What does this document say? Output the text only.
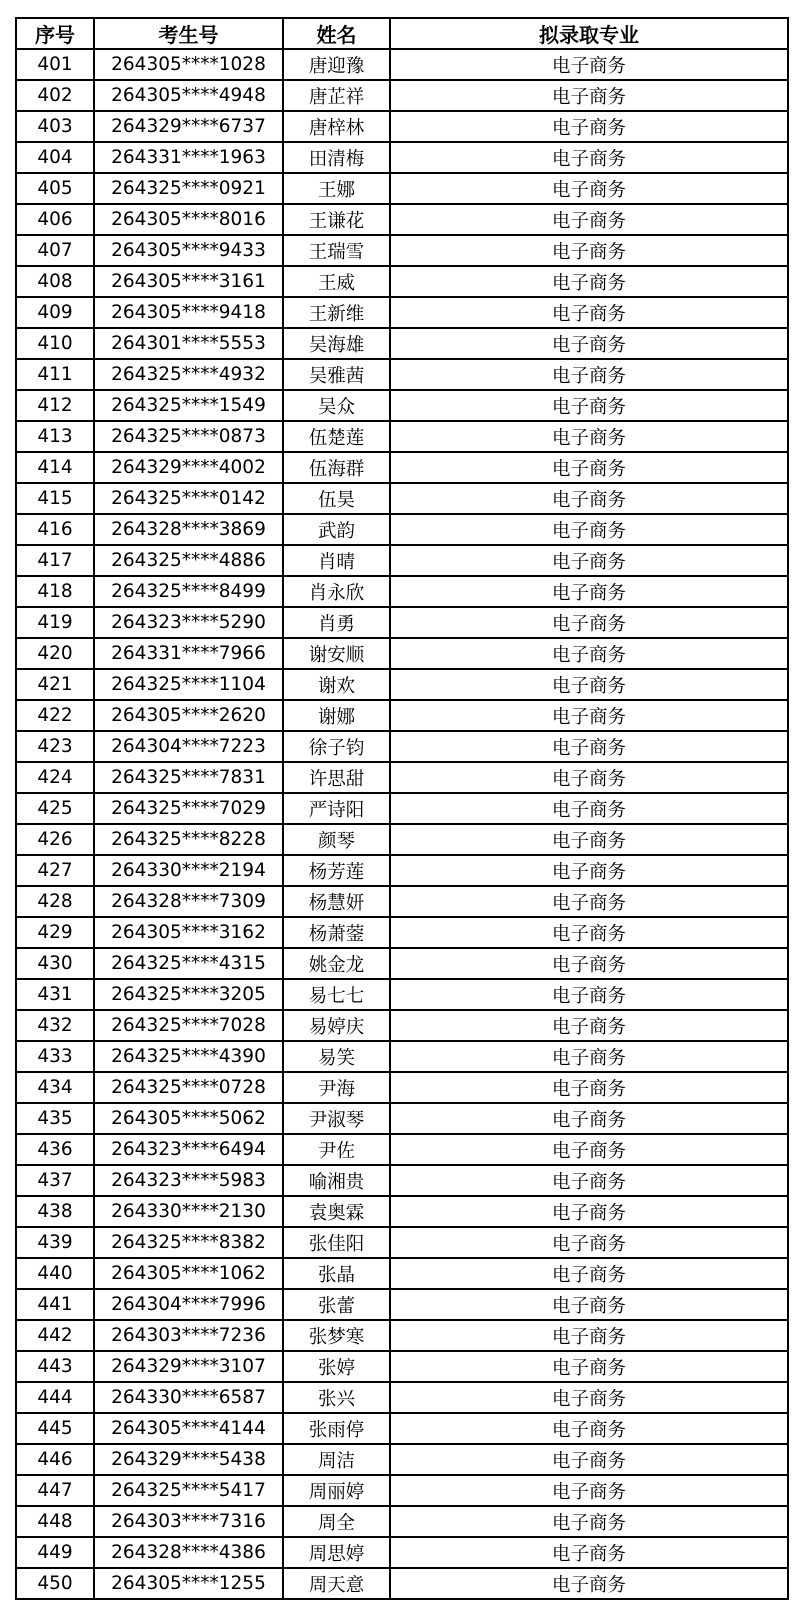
序号	考生号	姓名	拟录取专业
401	264305****1028	唐迎豫	电子商务
402	264305****4948	唐芷祥	电子商务
403	264329****6737	唐梓林	电子商务
404	264331****1963	田清梅	电子商务
405	264325****0921	王娜	电子商务
406	264305****8016	王谦花	电子商务
407	264305****9433	王瑞雪	电子商务
408	264305****3161	王威	电子商务
409	264305****9418	王新维	电子商务
410	264301****5553	吴海雄	电子商务
411	264325****4932	吴雅茜	电子商务
412	264325****1549	吴众	电子商务
413	264325****0873	伍楚莲	电子商务
414	264329****4002	伍海群	电子商务
415	264325****0142	伍昊	电子商务
416	264328****3869	武韵	电子商务
417	264325****4886	肖晴	电子商务
418	264325****8499	肖永欣	电子商务
419	264323****5290	肖勇	电子商务
420	264331****7966	谢安顺	电子商务
421	264325****1104	谢欢	电子商务
422	264305****2620	谢娜	电子商务
423	264304****7223	徐子钧	电子商务
424	264325****7831	许思甜	电子商务
425	264325****7029	严诗阳	电子商务
426	264325****8228	颜琴	电子商务
427	264330****2194	杨芳莲	电子商务
428	264328****7309	杨慧妍	电子商务
429	264305****3162	杨萧蓥	电子商务
430	264325****4315	姚金龙	电子商务
431	264325****3205	易七七	电子商务
432	264325****7028	易婷庆	电子商务
433	264325****4390	易笑	电子商务
434	264325****0728	尹海	电子商务
435	264305****5062	尹淑琴	电子商务
436	264323****6494	尹佐	电子商务
437	264323****5983	喻湘贵	电子商务
438	264330****2130	袁奥霖	电子商务
439	264325****8382	张佳阳	电子商务
440	264305****1062	张晶	电子商务
441	264304****7996	张蕾	电子商务
442	264303****7236	张梦寒	电子商务
443	264329****3107	张婷	电子商务
444	264330****6587	张兴	电子商务
445	264305****4144	张雨停	电子商务
446	264329****5438	周洁	电子商务
447	264325****5417	周丽婷	电子商务
448	264303****7316	周全	电子商务
449	264328****4386	周思婷	电子商务
450	264305****1255	周天意	电子商务
